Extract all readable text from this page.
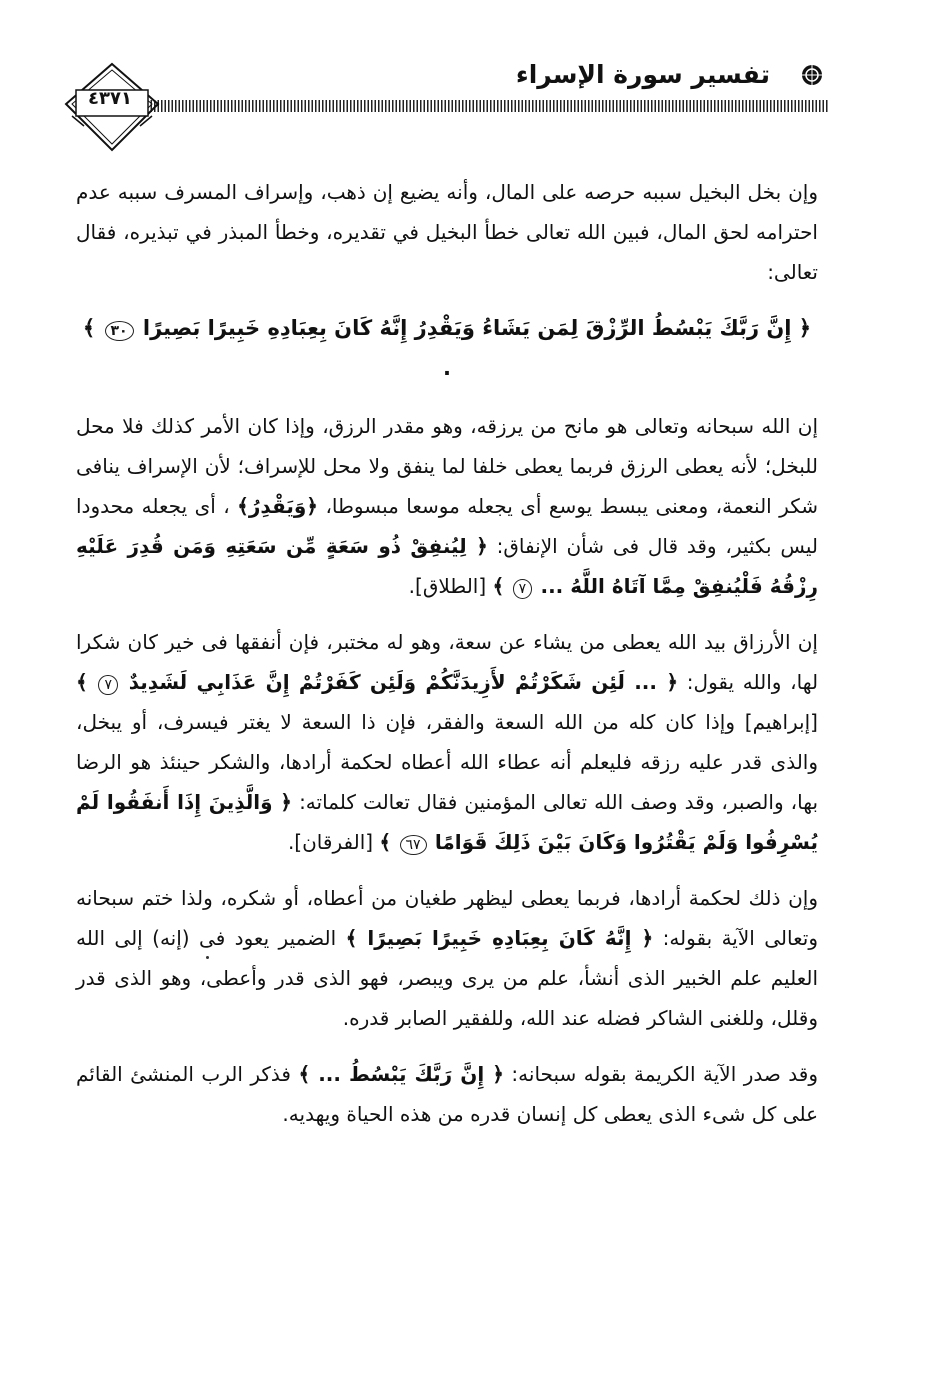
تفسير سورة الإسراء
٤٣٧١

وإن بخل البخيل سببه حرصه على المال، وأنه يضيع إن ذهب، وإسراف المسرف سببه عدم احترامه لحق المال، فبين الله تعالى خطأ البخيل في تقديره، وخطأ المبذر في تبذيره، فقال تعالى:

﴿ إِنَّ رَبَّكَ يَبْسُطُ الرِّزْقَ لِمَن يَشَاءُ وَيَقْدِرُ إِنَّهُ كَانَ بِعِبَادِهِ خَبِيرًا بَصِيرًا ٣٠ ﴾ .

إن الله سبحانه وتعالى هو مانح من يرزقه، وهو مقدر الرزق، وإذا كان الأمر كذلك فلا محل للبخل؛ لأنه يعطى الرزق فربما يعطى خلفا لما ينفق ولا محل للإسراف؛ لأن الإسراف ينافى شكر النعمة، ومعنى يبسط يوسع أى يجعله موسعا مبسوطا، ﴿وَيَقْدِرُ﴾ ، أى يجعله محدودا ليس بكثير، وقد قال فى شأن الإنفاق: ﴿ لِيُنفِقْ ذُو سَعَةٍ مِّن سَعَتِهِ وَمَن قُدِرَ عَلَيْهِ رِزْقُهُ فَلْيُنفِقْ مِمَّا آتَاهُ اللَّهُ ... ٧ ﴾ [الطلاق].

إن الأرزاق بيد الله يعطى من يشاء عن سعة، وهو له مختبر، فإن أنفقها فى خير كان شكرا لها، والله يقول: ﴿ ... لَئِن شَكَرْتُمْ لأَزِيدَنَّكُمْ وَلَئِن كَفَرْتُمْ إِنَّ عَذَابِي لَشَدِيدٌ ٧ ﴾ [إبراهيم] وإذا كان كله من الله السعة والفقر، فإن ذا السعة لا يغتر فيسرف، أو يبخل، والذى قدر عليه رزقه فليعلم أنه عطاء الله أعطاه لحكمة أرادها، والشكر حينئذ هو الرضا بها، والصبر، وقد وصف الله تعالى المؤمنين فقال تعالت كلماته: ﴿ وَالَّذِينَ إِذَا أَنفَقُوا لَمْ يُسْرِفُوا وَلَمْ يَقْتُرُوا وَكَانَ بَيْنَ ذَلِكَ قَوَامًا ٦٧ ﴾ [الفرقان].

وإن ذلك لحكمة أرادها، فربما يعطى ليظهر طغيان من أعطاه، أو شكره، ولذا ختم سبحانه وتعالى الآية بقوله: ﴿ إِنَّهُ كَانَ بِعِبَادِهِ خَبِيرًا بَصِيرًا ﴾ الضمير يعود فى (إنه) إلى الله العليم علم الخبير الذى أنشأ، علم من يرى ويبصر، فهو الذى قدر وأعطى، وهو الذى قدر وقلل، وللغنى الشاكر فضله عند الله، وللفقير الصابر قدره.

وقد صدر الآية الكريمة بقوله سبحانه: ﴿ إِنَّ رَبَّكَ يَبْسُطُ ... ﴾ فذكر الرب المنشئ القائم على كل شىء الذى يعطى كل إنسان قدره من هذه الحياة ويهديه.
